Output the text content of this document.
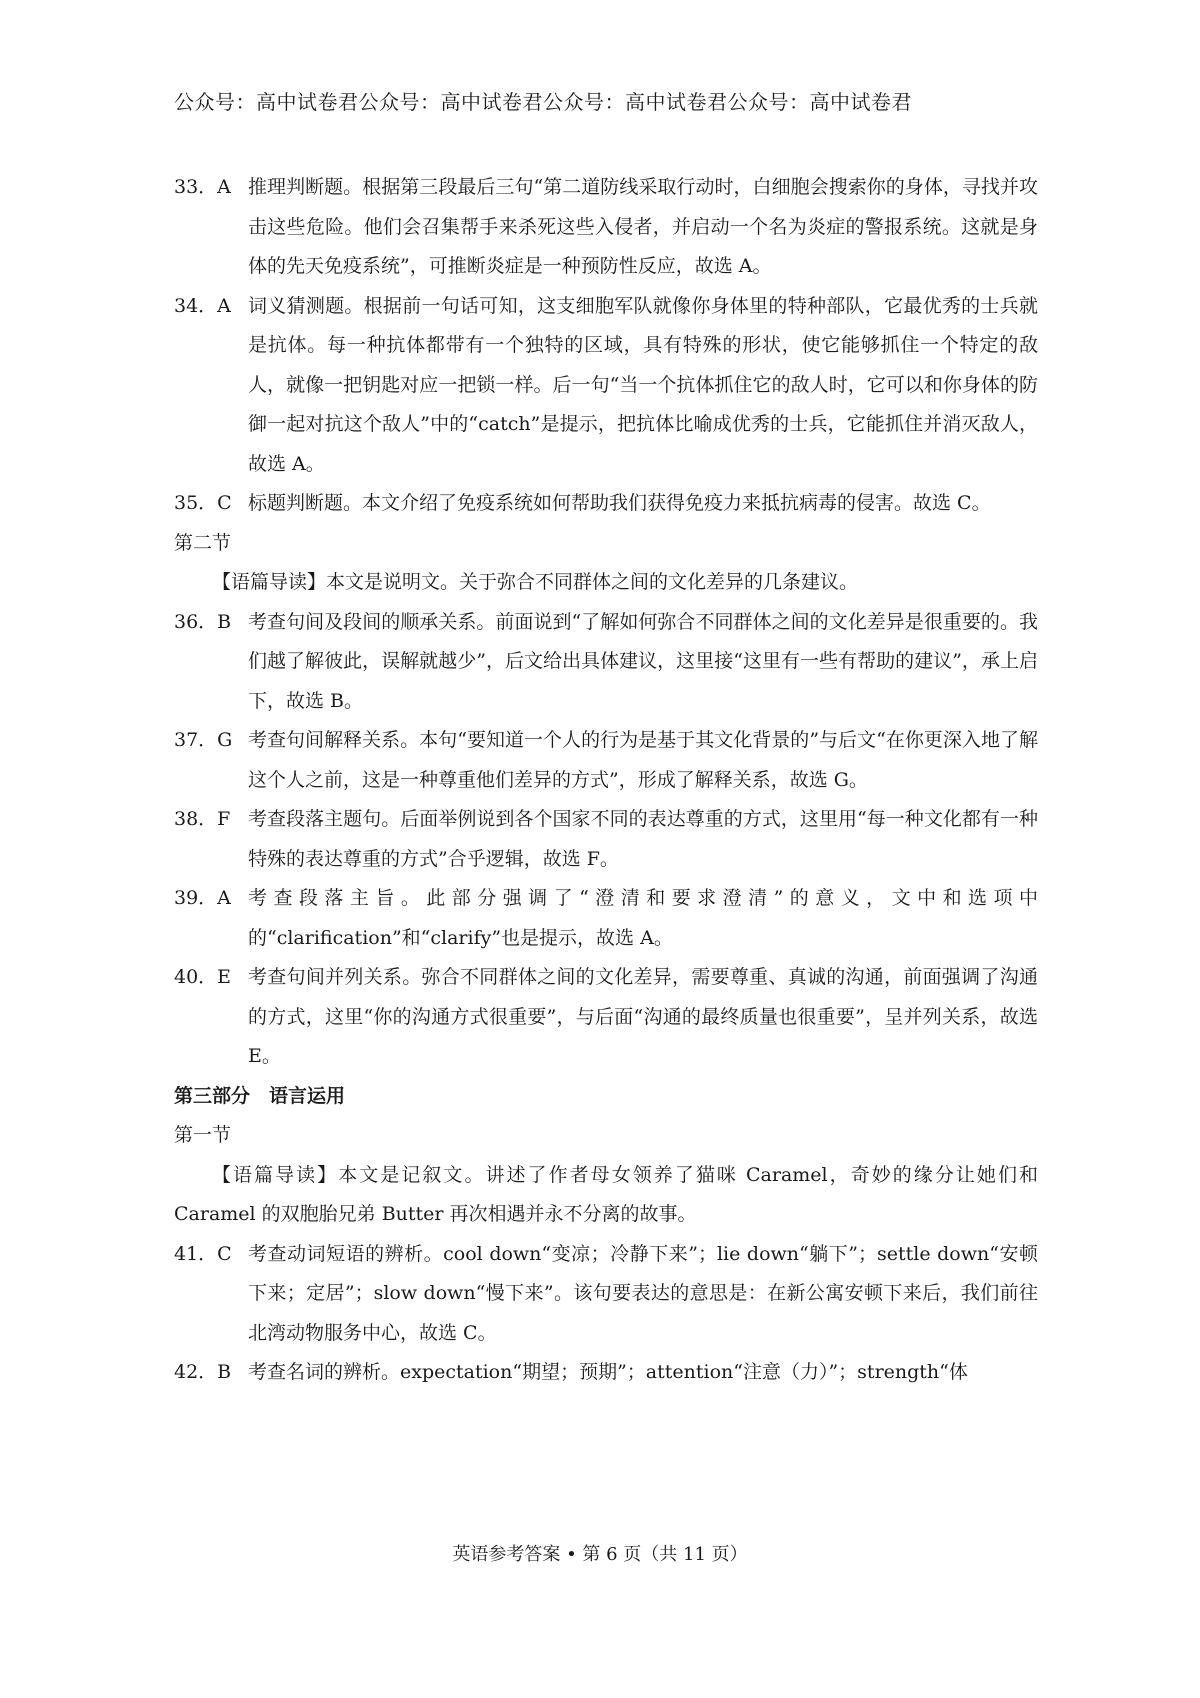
公众号：高中试卷君公众号：高中试卷君公众号：高中试卷君公众号：高中试卷君
33．A 推理判断题。根据第三段最后三句“第二道防线采取行动时，白细胞会搜索你的身体，寻找并攻击这些危险。他们会召集帮手来杀死这些入侵者，并启动一个名为炎症的警报系统。这就是身体的先天免疫系统”，可推断炎症是一种预防性反应，故选 A。
34．A 词义猜测题。根据前一句话可知，这支细胞军队就像你身体里的特种部队，它最优秀的士兵就是抗体。每一种抗体都带有一个独特的区域，具有特殊的形状，使它能够抓住一个特定的敌人，就像一把钥匙对应一把锁一样。后一句“当一个抗体抓住它的敌人时，它可以和你身体的防御一起对抗这个敌人”中的“catch”是提示，把抗体比喻成优秀的士兵，它能抓住并消灭敌人，故选 A。
35．C 标题判断题。本文介绍了免疫系统如何帮助我们获得免疫力来抵抗病毒的侵害。故选 C。
第二节
【语篇导读】本文是说明文。关于弥合不同群体之间的文化差异的几条建议。
36．B 考查句间及段间的顺承关系。前面说到“了解如何弥合不同群体之间的文化差异是很重要的。我们越了解彼此，误解就越少”，后文给出具体建议，这里接“这里有一些有帮助的建议”，承上启下，故选 B。
37．G 考查句间解释关系。本句“要知道一个人的行为是基于其文化背景的”与后文“在你更深入地了解这个人之前，这是一种尊重他们差异的方式”，形成了解释关系，故选 G。
38．F 考查段落主题句。后面举例说到各个国家不同的表达尊重的方式，这里用“每一种文化都有一种特殊的表达尊重的方式”合乎逻辑，故选 F。
39．A 考查段落主旨。此部分强调了“澄清和要求澄清”的意义，文中和选项中的“clarification”和“clarify”也是提示，故选 A。
40．E 考查句间并列关系。弥合不同群体之间的文化差异，需要尊重、真诚的沟通，前面强调了沟通的方式，这里“你的沟通方式很重要”，与后面“沟通的最终质量也很重要”，呈并列关系，故选 E。
第三部分　语言运用
第一节
【语篇导读】本文是记叙文。讲述了作者母女领养了猫咪 Caramel，奇妙的缘分让她们和 Caramel 的双胞胎兄弟 Butter 再次相遇并永不分离的故事。
41．C 考查动词短语的辨析。cool down“变凉；冷静下来”；lie down“躺下”；settle down“安顿下来；定居”；slow down“慢下来”。该句要表达的意思是：在新公寓安顿下来后，我们前往北湾动物服务中心，故选 C。
42．B 考查名词的辨析。expectation“期望；预期”；attention“注意（力）”；strength“体
英语参考答案 • 第 6 页（共 11 页）
